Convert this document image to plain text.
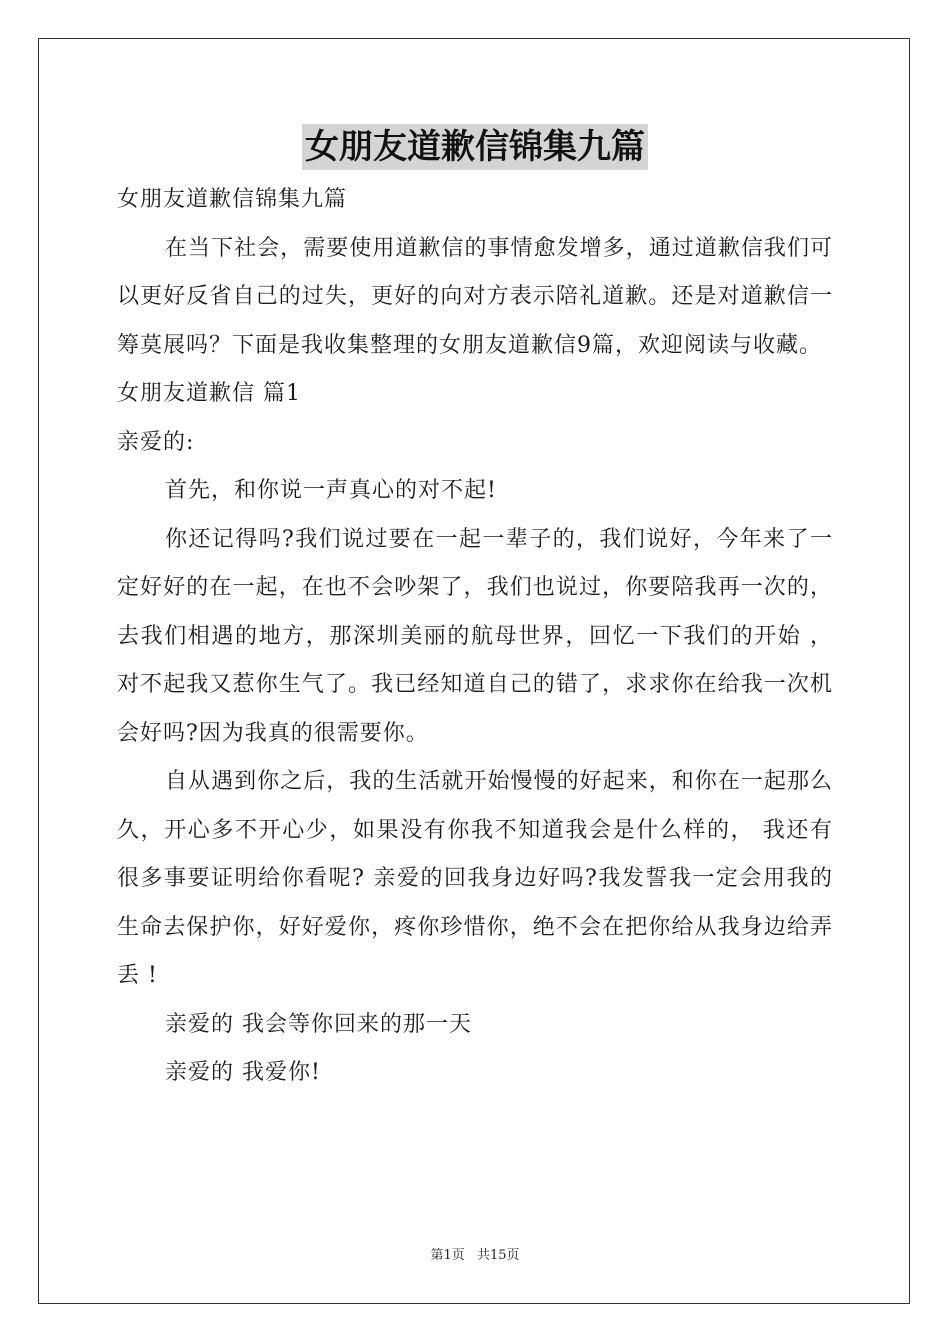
女朋友道歉信锦集九篇

女朋友道歉信锦集九篇

在当下社会，需要使用道歉信的事情愈发增多，通过道歉信我们可以更好反省自己的过失，更好的向对方表示陪礼道歉。还是对道歉信一筹莫展吗？下面是我收集整理的女朋友道歉信9篇，欢迎阅读与收藏。

女朋友道歉信 篇1

亲爱的:

首先，和你说一声真心的对不起!

你还记得吗?我们说过要在一起一辈子的，我们说好，今年来了一定好好的在一起，在也不会吵架了，我们也说过，你要陪我再一次的，去我们相遇的地方，那深圳美丽的航母世界，回忆一下我们的开始 ，对不起我又惹你生气了。我已经知道自己的错了，求求你在给我一次机会好吗?因为我真的很需要你。

自从遇到你之后，我的生活就开始慢慢的好起来，和你在一起那么久，开心多不开心少，如果没有你我不知道我会是什么样的， 我还有很多事要证明给你看呢? 亲爱的回我身边好吗?我发誓我一定会用我的生命去保护你，好好爱你，疼你珍惜你，绝不会在把你给从我身边给弄丢 !

亲爱的 我会等你回来的那一天

亲爱的 我爱你!

第1页 共15页
